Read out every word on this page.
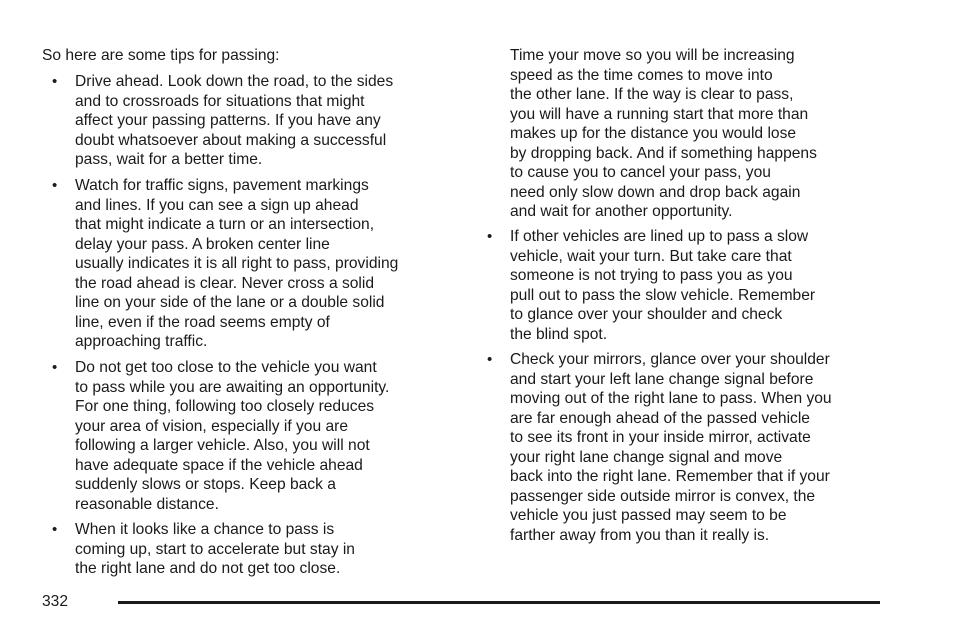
So here are some tips for passing:
• Drive ahead. Look down the road, to the sides
and to crossroads for situations that might
affect your passing patterns. If you have any
doubt whatsoever about making a successful
pass, wait for a better time.
• Watch for traffic signs, pavement markings
and lines. If you can see a sign up ahead
that might indicate a turn or an intersection,
delay your pass. A broken center line
usually indicates it is all right to pass, providing
the road ahead is clear. Never cross a solid
line on your side of the lane or a double solid
line, even if the road seems empty of
approaching traffic.
• Do not get too close to the vehicle you want
to pass while you are awaiting an opportunity.
For one thing, following too closely reduces
your area of vision, especially if you are
following a larger vehicle. Also, you will not
have adequate space if the vehicle ahead
suddenly slows or stops. Keep back a
reasonable distance.
• When it looks like a chance to pass is
coming up, start to accelerate but stay in
the right lane and do not get too close.
Time your move so you will be increasing
speed as the time comes to move into
the other lane. If the way is clear to pass,
you will have a running start that more than
makes up for the distance you would lose
by dropping back. And if something happens
to cause you to cancel your pass, you
need only slow down and drop back again
and wait for another opportunity.
• If other vehicles are lined up to pass a slow
vehicle, wait your turn. But take care that
someone is not trying to pass you as you
pull out to pass the slow vehicle. Remember
to glance over your shoulder and check
the blind spot.
• Check your mirrors, glance over your shoulder
and start your left lane change signal before
moving out of the right lane to pass. When you
are far enough ahead of the passed vehicle
to see its front in your inside mirror, activate
your right lane change signal and move
back into the right lane. Remember that if your
passenger side outside mirror is convex, the
vehicle you just passed may seem to be
farther away from you than it really is.
332
